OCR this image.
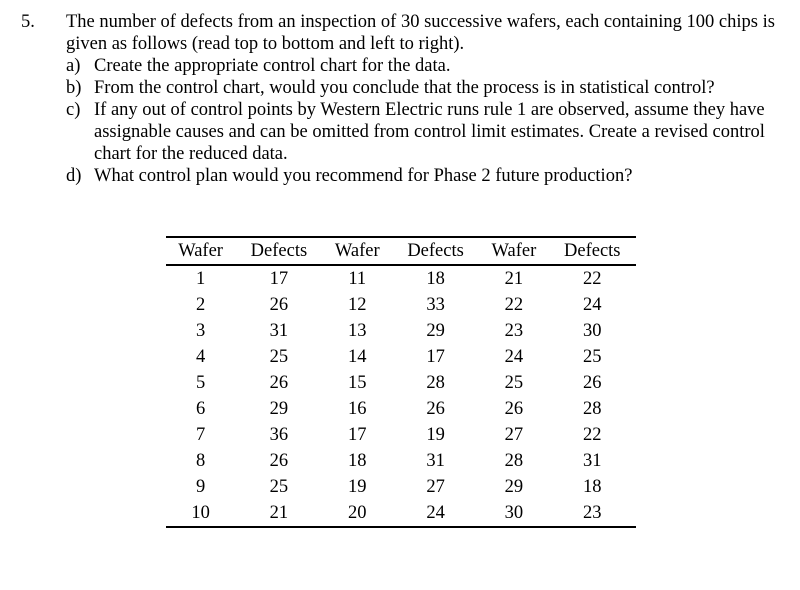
5. The number of defects from an inspection of 30 successive wafers, each containing 100 chips is given as follows (read top to bottom and left to right).
a) Create the appropriate control chart for the data.
b) From the control chart, would you conclude that the process is in statistical control?
c) If any out of control points by Western Electric runs rule 1 are observed, assume they have assignable causes and can be omitted from control limit estimates. Create a revised control chart for the reduced data.
d) What control plan would you recommend for Phase 2 future production?
Wafer	Defects	Wafer	Defects	Wafer	Defects
1	17	11	18	21	22
2	26	12	33	22	24
3	31	13	29	23	30
4	25	14	17	24	25
5	26	15	28	25	26
6	29	16	26	26	28
7	36	17	19	27	22
8	26	18	31	28	31
9	25	19	27	29	18
10	21	20	24	30	23
